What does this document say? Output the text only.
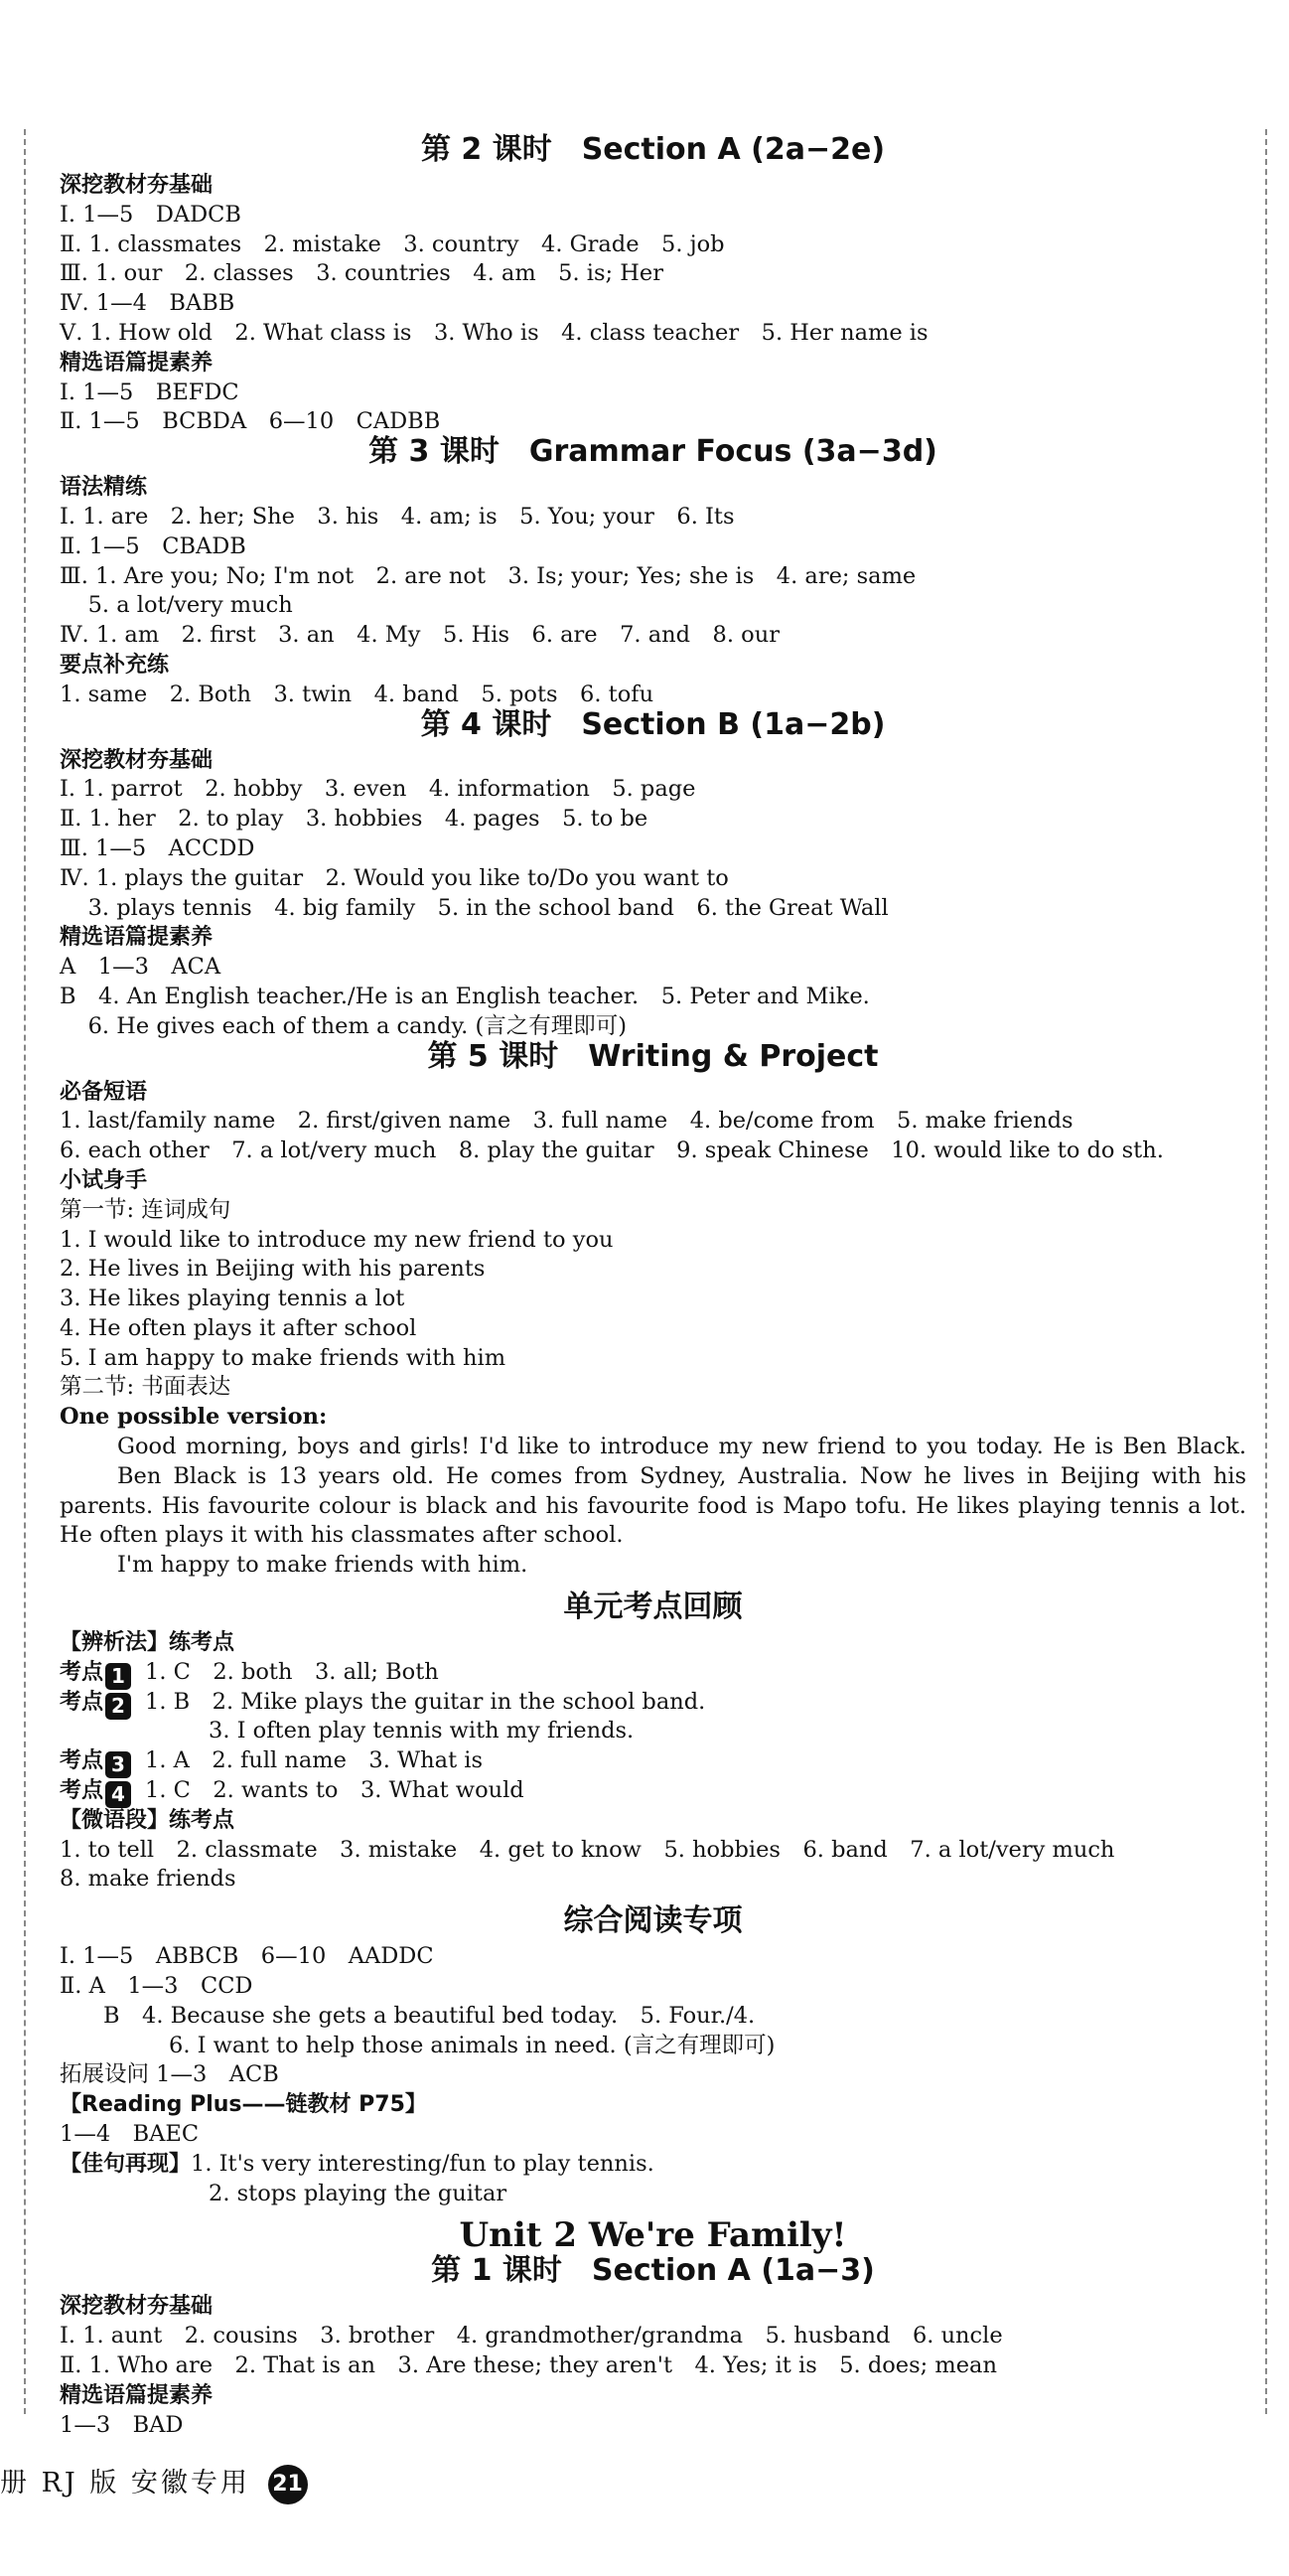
第 2 课时　Section A (2a−2e)
深挖教材夯基础
Ⅰ. 1—5　DADCB
Ⅱ. 1. classmates　2. mistake　3. country　4. Grade　5. job
Ⅲ. 1. our　2. classes　3. countries　4. am　5. is; Her
Ⅳ. 1—4　BABB
Ⅴ. 1. How old　2. What class is　3. Who is　4. class teacher　5. Her name is
精选语篇提素养
Ⅰ. 1—5　BEFDC
Ⅱ. 1—5　BCBDA　6—10　CADBB
第 3 课时　Grammar Focus (3a−3d)
语法精练
Ⅰ. 1. are　2. her; She　3. his　4. am; is　5. You; your　6. Its
Ⅱ. 1—5　CBADB
Ⅲ. 1. Are you; No; I'm not　2. are not　3. Is; your; Yes; she is　4. are; same
5. a lot/very much
Ⅳ. 1. am　2. first　3. an　4. My　5. His　6. are　7. and　8. our
要点补充练
1. same　2. Both　3. twin　4. band　5. pots　6. tofu
第 4 课时　Section B (1a−2b)
深挖教材夯基础
Ⅰ. 1. parrot　2. hobby　3. even　4. information　5. page
Ⅱ. 1. her　2. to play　3. hobbies　4. pages　5. to be
Ⅲ. 1—5　ACCDD
Ⅳ. 1. plays the guitar　2. Would you like to/Do you want to
3. plays tennis　4. big family　5. in the school band　6. the Great Wall
精选语篇提素养
A　1—3　ACA
B　4. An English teacher./He is an English teacher.　5. Peter and Mike.
6. He gives each of them a candy. (言之有理即可)
第 5 课时　Writing & Project
必备短语
1. last/family name　2. first/given name　3. full name　4. be/come from　5. make friends
6. each other　7. a lot/very much　8. play the guitar　9. speak Chinese　10. would like to do sth.
小试身手
第一节: 连词成句
1. I would like to introduce my new friend to you
2. He lives in Beijing with his parents
3. He likes playing tennis a lot
4. He often plays it after school
5. I am happy to make friends with him
第二节: 书面表达
One possible version:
Good morning, boys and girls! I'd like to introduce my new friend to you today. He is Ben Black.
Ben Black is 13 years old. He comes from Sydney, Australia. Now he lives in Beijing with his
parents. His favourite colour is black and his favourite food is Mapo tofu. He likes playing tennis a lot.
He often plays it with his classmates after school.
I'm happy to make friends with him.
单元考点回顾
【辨析法】练考点
考点 1 1. C　2. both　3. all; Both
考点 2 1. B　2. Mike plays the guitar in the school band.
3. I often play tennis with my friends.
考点 3 1. A　2. full name　3. What is
考点 4 1. C　2. wants to　3. What would
【微语段】练考点
1. to tell　2. classmate　3. mistake　4. get to know　5. hobbies　6. band　7. a lot/very much
8. make friends
综合阅读专项
Ⅰ. 1—5　ABBCB　6—10　AADDC
Ⅱ. A　1—3　CCD
B　4. Because she gets a beautiful bed today.　5. Four./4.
6. I want to help those animals in need. (言之有理即可)
拓展设问 1—3　ACB
【Reading Plus——链教材 P75】
1—4　BAEC
【佳句再现】1. It's very interesting/fun to play tennis.
2. stops playing the guitar
Unit 2 We're Family!
第 1 课时　Section A (1a−3)
深挖教材夯基础
Ⅰ. 1. aunt　2. cousins　3. brother　4. grandmother/grandma　5. husband　6. uncle
Ⅱ. 1. Who are　2. That is an　3. Are these; they aren't　4. Yes; it is　5. does; mean
精选语篇提素养
1—3　BAD
册 RJ 版 安徽专用 21
